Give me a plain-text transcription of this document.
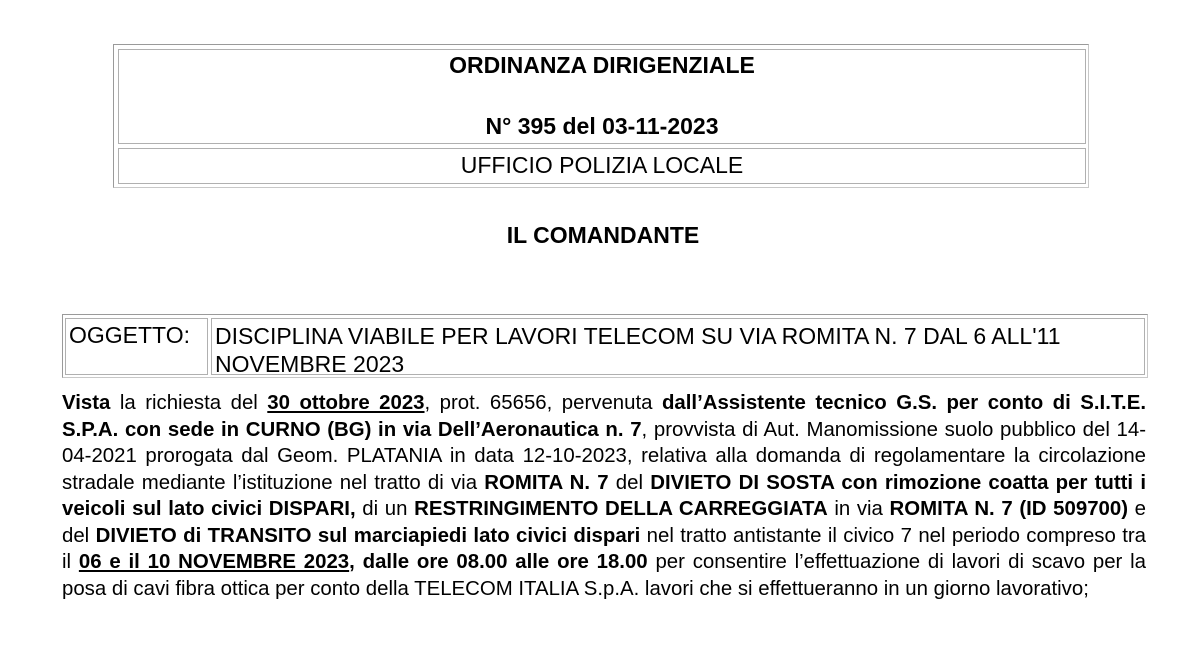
ORDINANZA DIRIGENZIALE
N° 395 del 03-11-2023
UFFICIO POLIZIA LOCALE
IL COMANDANTE
OGGETTO: DISCIPLINA VIABILE PER LAVORI TELECOM SU VIA ROMITA N. 7 DAL 6 ALL'11 NOVEMBRE 2023
Vista la richiesta del 30 ottobre 2023, prot. 65656, pervenuta dall’Assistente tecnico G.S. per conto di S.I.T.E. S.P.A. con sede in CURNO (BG) in via Dell’Aeronautica n. 7, provvista di Aut. Manomissione suolo pubblico del 14-04-2021 prorogata dal Geom. PLATANIA in data 12-10-2023, relativa alla domanda di regolamentare la circolazione stradale mediante l’istituzione nel tratto di via ROMITA N. 7 del DIVIETO DI SOSTA con rimozione coatta per tutti i veicoli sul lato civici DISPARI, di un RESTRINGIMENTO DELLA CARREGGIATA in via ROMITA N. 7 (ID 509700) e del DIVIETO di TRANSITO sul marciapiedi lato civici dispari nel tratto antistante il civico 7 nel periodo compreso tra il 06 e il 10 NOVEMBRE 2023, dalle ore 08.00 alle ore 18.00 per consentire l’effettuazione di lavori di scavo per la posa di cavi fibra ottica per conto della TELECOM ITALIA S.p.A. lavori che si effettueranno in un giorno lavorativo;
